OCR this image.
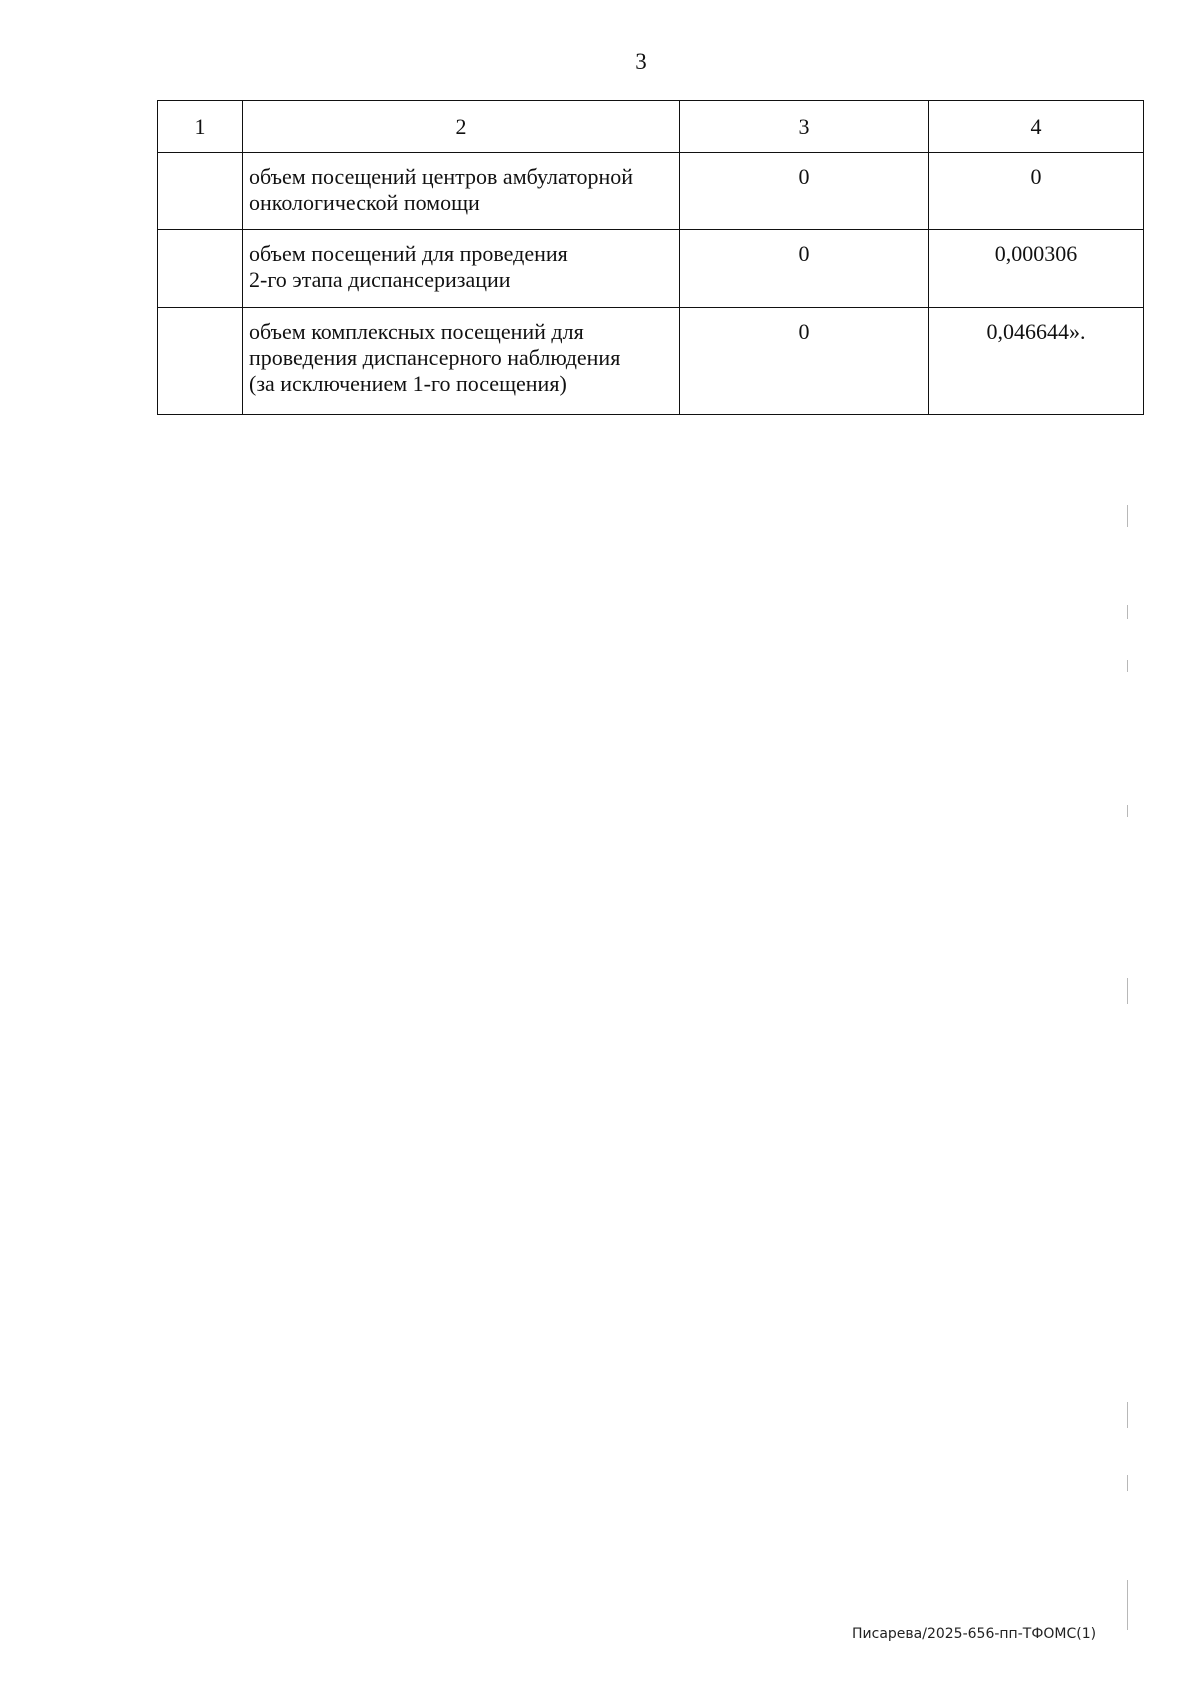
3
1	2	3	4

	объем посещений центров амбулаторной
онкологической помощи	0	0

	объем посещений для проведения
2-го этапа диспансеризации	0	0,000306

	объем комплексных посещений для
проведения диспансерного наблюдения
(за исключением 1-го посещения)	0	0,046644».
Писарева/2025-656-пп-ТФОМС(1)
